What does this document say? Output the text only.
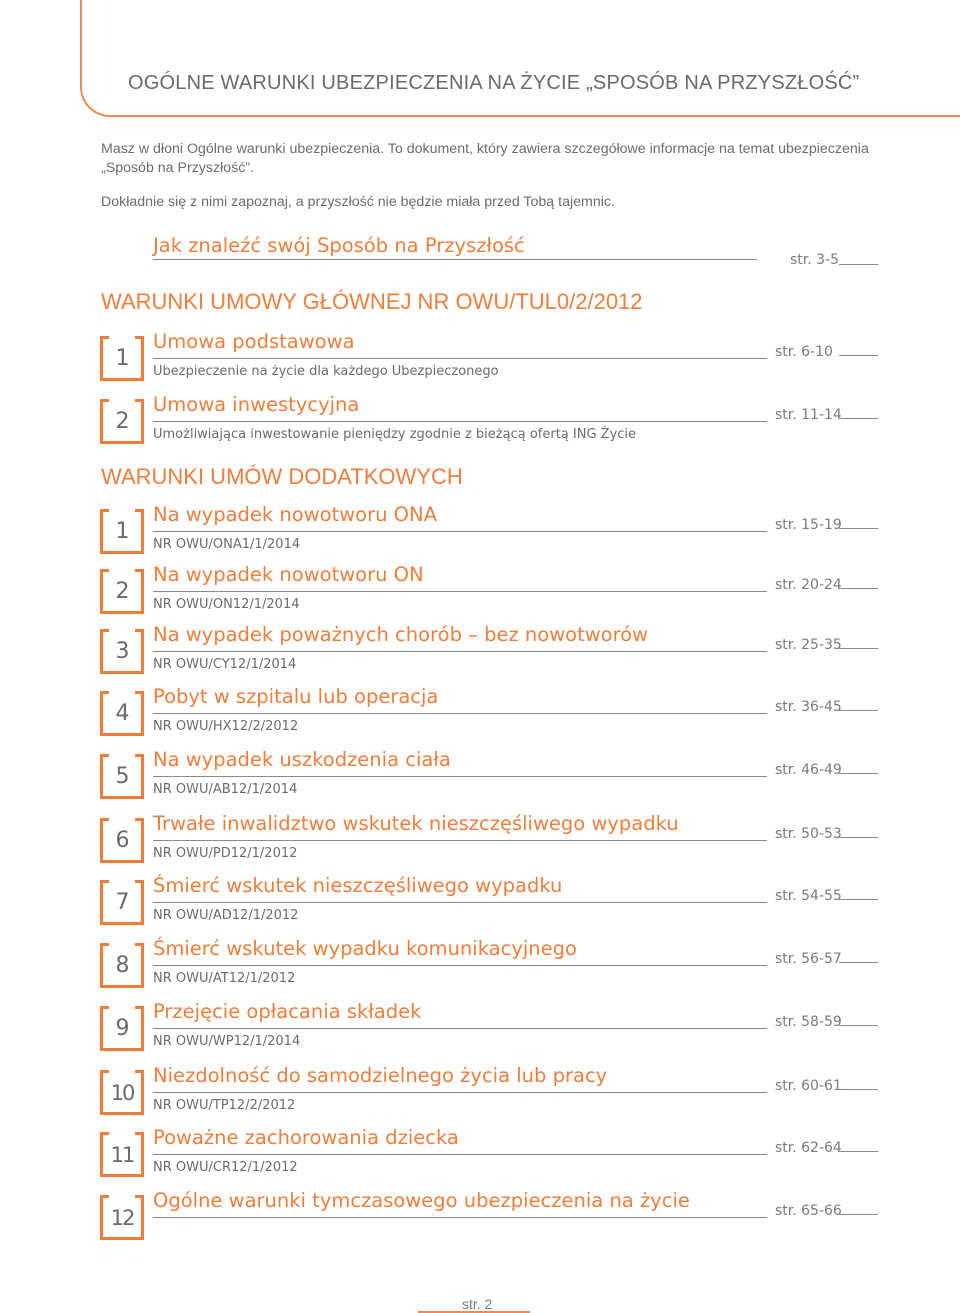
OGÓLNE WARUNKI UBEZPIECZENIA NA ŻYCIE „SPOSÓB NA PRZYSZŁOŚĆ”

Masz w dłoni Ogólne warunki ubezpieczenia. To dokument, który zawiera szczegółowe informacje na temat ubezpieczenia „Sposób na Przyszłość”.

Dokładnie się z nimi zapoznaj, a przyszłość nie będzie miała przed Tobą tajemnic.

Jak znaleźć swój Sposób na Przyszłość

str. 3-5

WARUNKI UMOWY GŁÓWNEJ NR OWU/TUL0/2/2012
1

Umowa podstawowa

Ubezpieczenie na życie dla każdego Ubezpieczonego

str. 6-10

2

Umowa inwestycyjna

Umożliwiająca inwestowanie pieniędzy zgodnie z bieżącą ofertą ING Życie

str. 11-14

WARUNKI UMÓW DODATKOWYCH
1

Na wypadek nowotworu ONA

NR OWU/ONA1/1/2014

str. 15-19

2

Na wypadek nowotworu ON

NR OWU/ON12/1/2014

str. 20-24

3

Na wypadek poważnych chorób – bez nowotworów

NR OWU/CY12/1/2014

str. 25-35

4

Pobyt w szpitalu lub operacja

NR OWU/HX12/2/2012

str. 36-45

5

Na wypadek uszkodzenia ciała

NR OWU/AB12/1/2014

str. 46-49

6

Trwałe inwalidztwo wskutek nieszczęśliwego wypadku

NR OWU/PD12/1/2012

str. 50-53

7

Śmierć wskutek nieszczęśliwego wypadku

NR OWU/AD12/1/2012

str. 54-55

8

Śmierć wskutek wypadku komunikacyjnego

NR OWU/AT12/1/2012

str. 56-57

9

Przejęcie opłacania składek

NR OWU/WP12/1/2014

str. 58-59

10

Niezdolność do samodzielnego życia lub pracy

NR OWU/TP12/2/2012

str. 60-61

11

Poważne zachorowania dziecka

NR OWU/CR12/1/2012

str. 62-64

12

Ogólne warunki tymczasowego ubezpieczenia na życie	str. 65-66

str. 2
